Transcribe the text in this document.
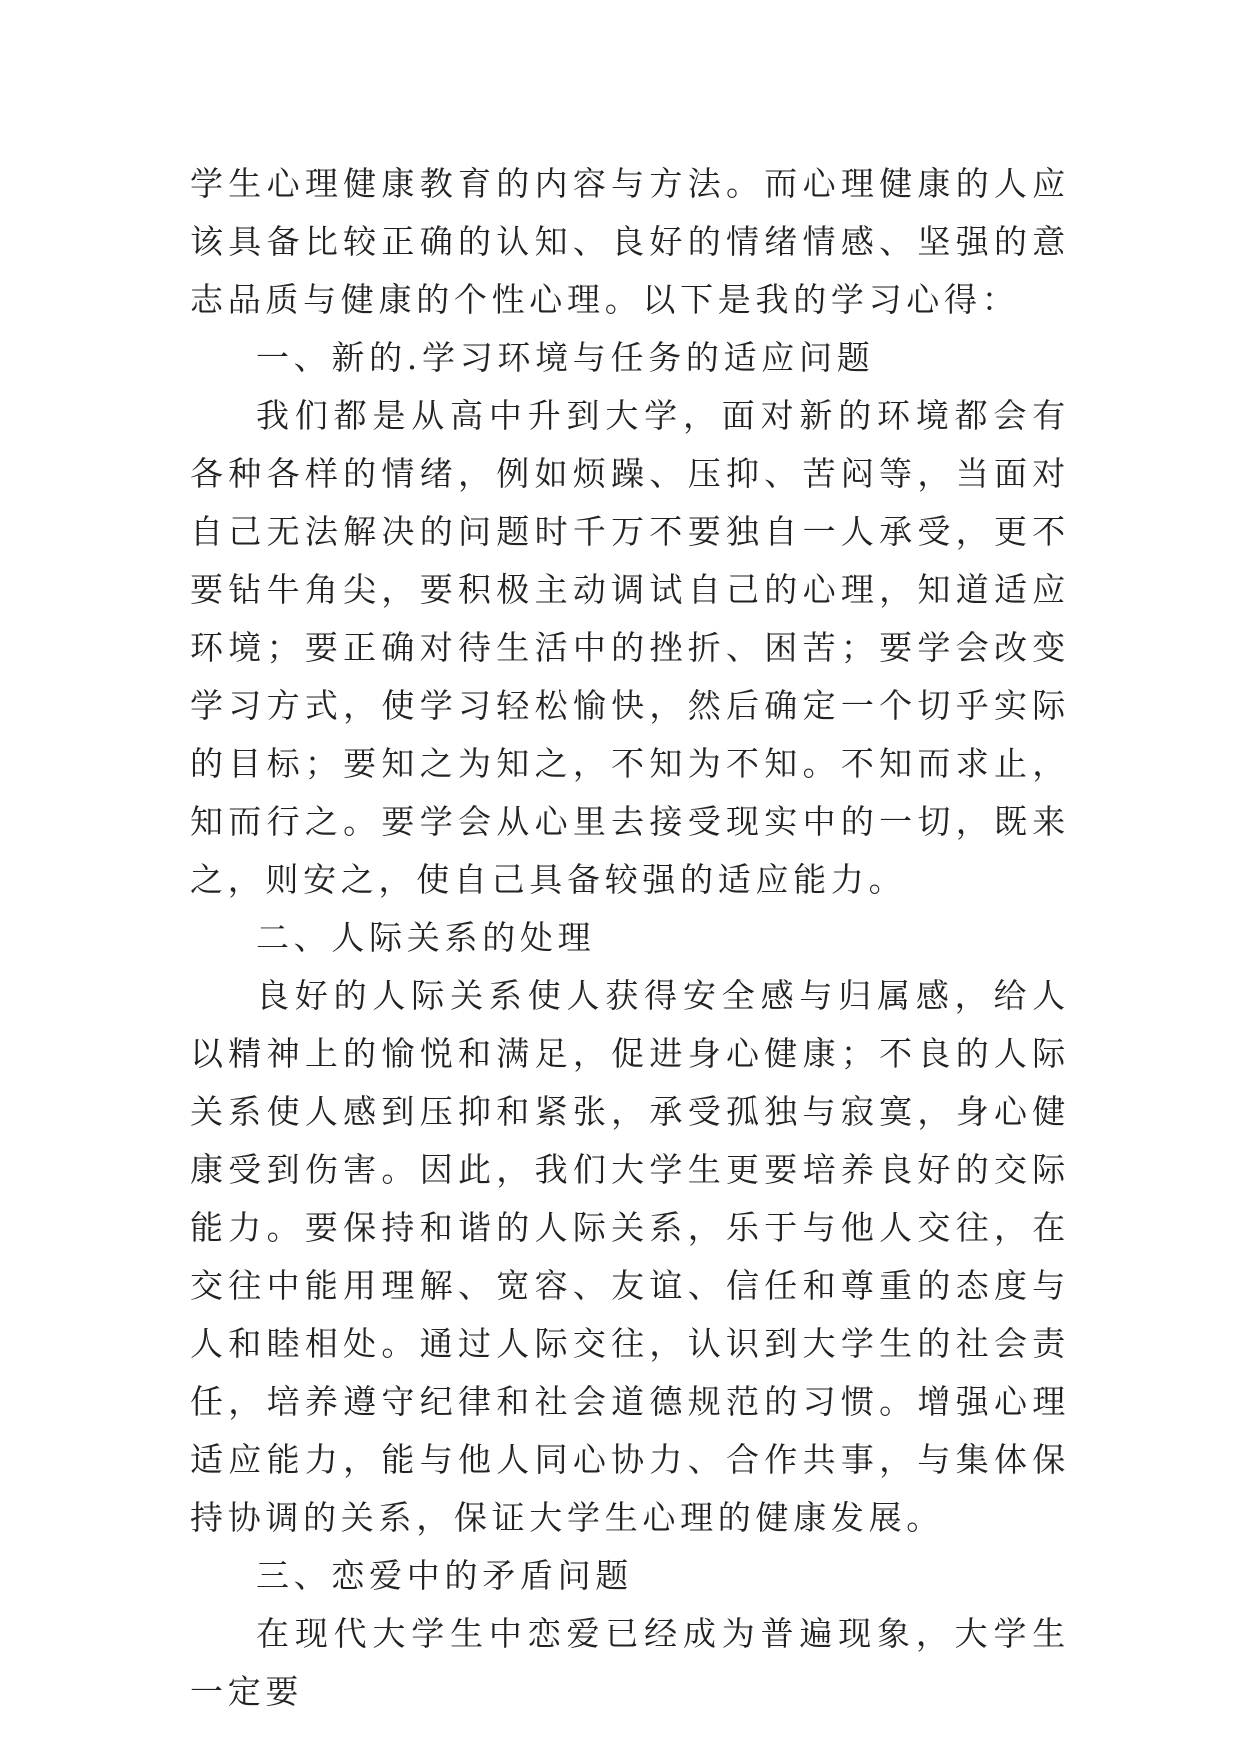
学生心理健康教育的内容与方法。而心理健康的人应该具备比较正确的认知、良好的情绪情感、坚强的意志品质与健康的个性心理。以下是我的学习心得：

一、新的.学习环境与任务的适应问题

我们都是从高中升到大学，面对新的环境都会有各种各样的情绪，例如烦躁、压抑、苦闷等，当面对自己无法解决的问题时千万不要独自一人承受，更不要钻牛角尖，要积极主动调试自己的心理，知道适应环境；要正确对待生活中的挫折、困苦；要学会改变学习方式，使学习轻松愉快，然后确定一个切乎实际的目标；要知之为知之，不知为不知。不知而求止，知而行之。要学会从心里去接受现实中的一切，既来之，则安之，使自己具备较强的适应能力。

二、人际关系的处理

良好的人际关系使人获得安全感与归属感，给人以精神上的愉悦和满足，促进身心健康；不良的人际关系使人感到压抑和紧张，承受孤独与寂寞，身心健康受到伤害。因此，我们大学生更要培养良好的交际能力。要保持和谐的人际关系，乐于与他人交往，在交往中能用理解、宽容、友谊、信任和尊重的态度与人和睦相处。通过人际交往，认识到大学生的社会责任，培养遵守纪律和社会道德规范的习惯。增强心理适应能力，能与他人同心协力、合作共事，与集体保持协调的关系，保证大学生心理的健康发展。

三、恋爱中的矛盾问题

在现代大学生中恋爱已经成为普遍现象，大学生一定要
